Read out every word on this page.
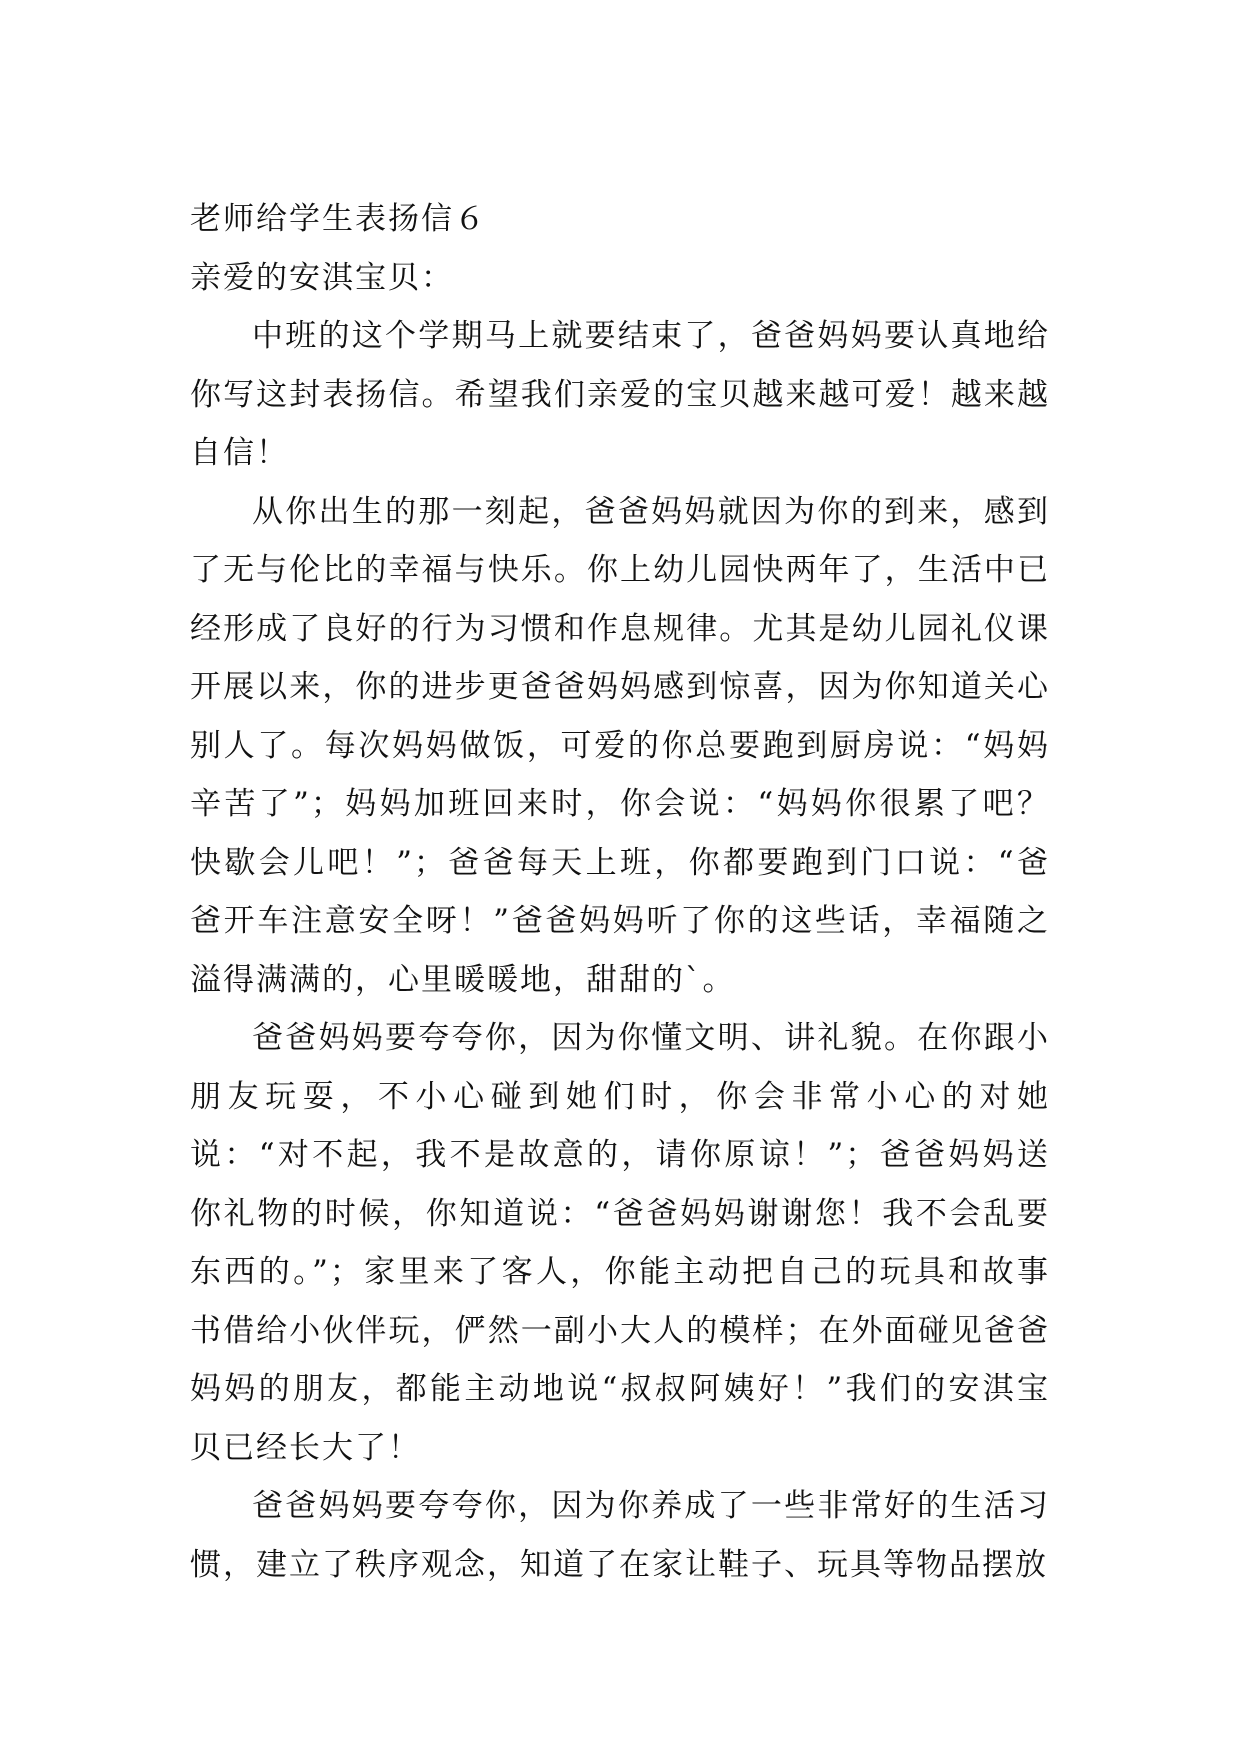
老师给学生表扬信６

亲爱的安淇宝贝：

中班的这个学期马上就要结束了，爸爸妈妈要认真地给你写这封表扬信。希望我们亲爱的宝贝越来越可爱！越来越自信！

从你出生的那一刻起，爸爸妈妈就因为你的到来，感到了无与伦比的幸福与快乐。你上幼儿园快两年了，生活中已经形成了良好的行为习惯和作息规律。尤其是幼儿园礼仪课开展以来，你的进步更爸爸妈妈感到惊喜，因为你知道关心别人了。每次妈妈做饭，可爱的你总要跑到厨房说：“妈妈辛苦了”；妈妈加班回来时，你会说：“妈妈你很累了吧？快歇会儿吧！”；爸爸每天上班，你都要跑到门口说：“爸爸开车注意安全呀！”爸爸妈妈听了你的这些话，幸福随之溢得满满的，心里暖暖地，甜甜的`。

爸爸妈妈要夸夸你，因为你懂文明、讲礼貌。在你跟小朋友玩耍，不小心碰到她们时，你会非常小心的对她说：“对不起，我不是故意的，请你原谅！”；爸爸妈妈送你礼物的时候，你知道说：“爸爸妈妈谢谢您！我不会乱要东西的。”；家里来了客人，你能主动把自己的玩具和故事书借给小伙伴玩，俨然一副小大人的模样；在外面碰见爸爸妈妈的朋友，都能主动地说“叔叔阿姨好！”我们的安淇宝贝已经长大了！

爸爸妈妈要夸夸你，因为你养成了一些非常好的生活习惯，建立了秩序观念，知道了在家让鞋子、玩具等物品摆放
